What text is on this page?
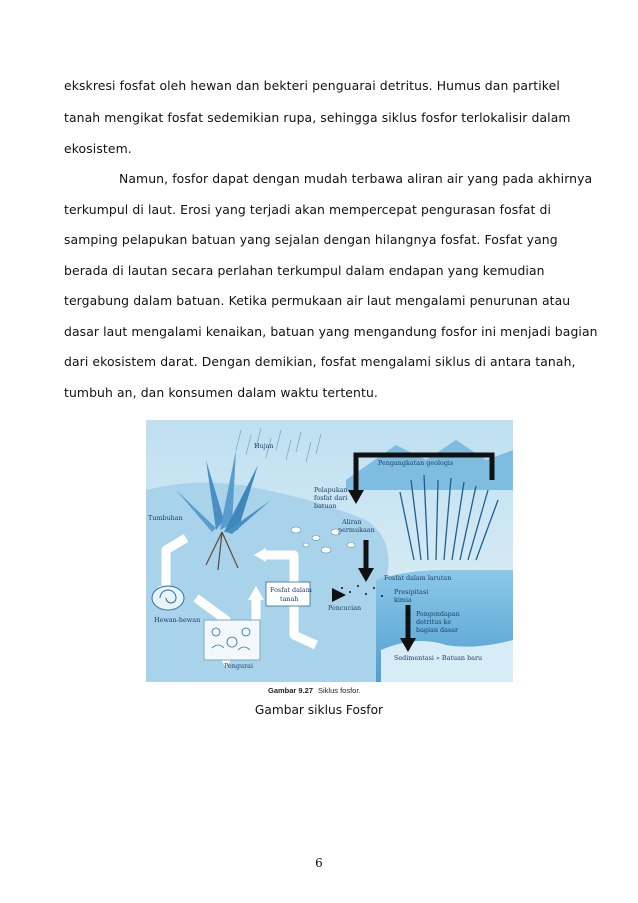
ekskresi fosfat oleh hewan dan bekteri penguarai detritus. Humus dan partikel
tanah mengikat fosfat sedemikian rupa, sehingga siklus fosfor terlokalisir dalam
ekosistem.
Namun, fosfor dapat dengan mudah terbawa aliran air yang pada akhirnya
terkumpul di laut. Erosi yang terjadi akan mempercepat pengurasan fosfat di
samping pelapukan batuan yang sejalan dengan hilangnya fosfat. Fosfat yang
berada di lautan secara perlahan terkumpul dalam endapan yang kemudian
tergabung dalam batuan. Ketika permukaan air laut mengalami penurunan atau
dasar laut mengalami kenaikan, batuan yang mengandung fosfor ini menjadi bagian
dari ekosistem darat. Dengan demikian, fosfat mengalami siklus di antara tanah,
tumbuh an, dan konsumen dalam waktu tertentu.
Hujan
Pengangkatan geologis
Pelapukan
fosfat dari
batuan
Aliran
permukaan
Tumbuhan
Hewan-hewan
Pengurai
Fosfat dalam
tanah
Pencucian
Fosfat dalam larutan
Presipitasi
kimia
Pengendapan
detritus ke
bagian dasar
Sedimentasi » Batuan baru
Gambar 9.27 Siklus fosfor.
Gambar siklus Fosfor
6
